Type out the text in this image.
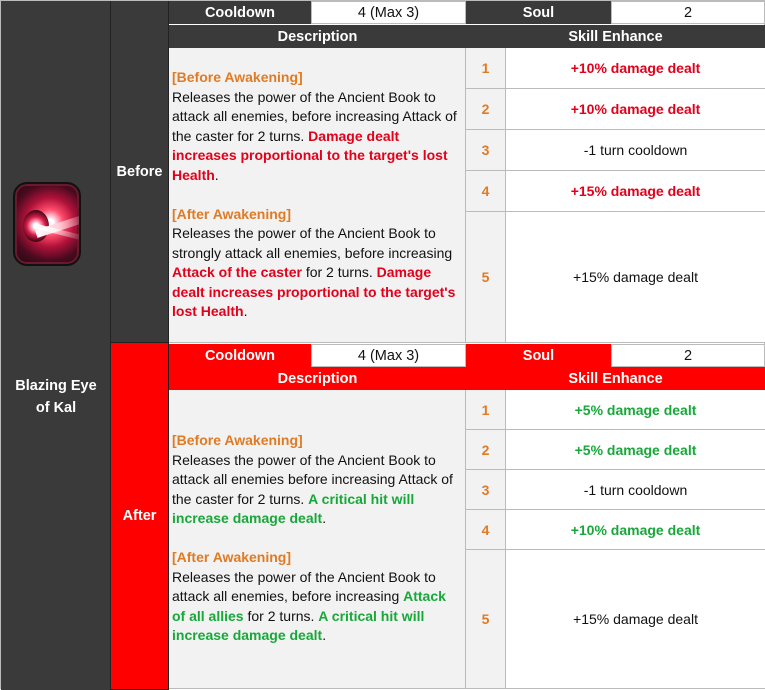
Blazing Eye
of Kal
Before
Cooldown	4 (Max 3)	Soul	2
Description	Skill Enhance
[Before Awakening]
Releases the power of the Ancient Book to attack all enemies, before increasing Attack of the caster for 2 turns. Damage dealt increases proportional to the target's lost Health.
[After Awakening]
Releases the power of the Ancient Book to strongly attack all enemies, before increasing Attack of the caster for 2 turns. Damage dealt increases proportional to the target's lost Health.
1	+10% damage dealt
2	+10% damage dealt
3	-1 turn cooldown
4	+15% damage dealt
5	+15% damage dealt
After
Cooldown	4 (Max 3)	Soul	2
Description	Skill Enhance
[Before Awakening]
Releases the power of the Ancient Book to attack all enemies before increasing Attack of the caster for 2 turns. A critical hit will increase damage dealt.
[After Awakening]
Releases the power of the Ancient Book to attack all enemies, before increasing Attack of all allies for 2 turns. A critical hit will increase damage dealt.
1	+5% damage dealt
2	+5% damage dealt
3	-1 turn cooldown
4	+10% damage dealt
5	+15% damage dealt
